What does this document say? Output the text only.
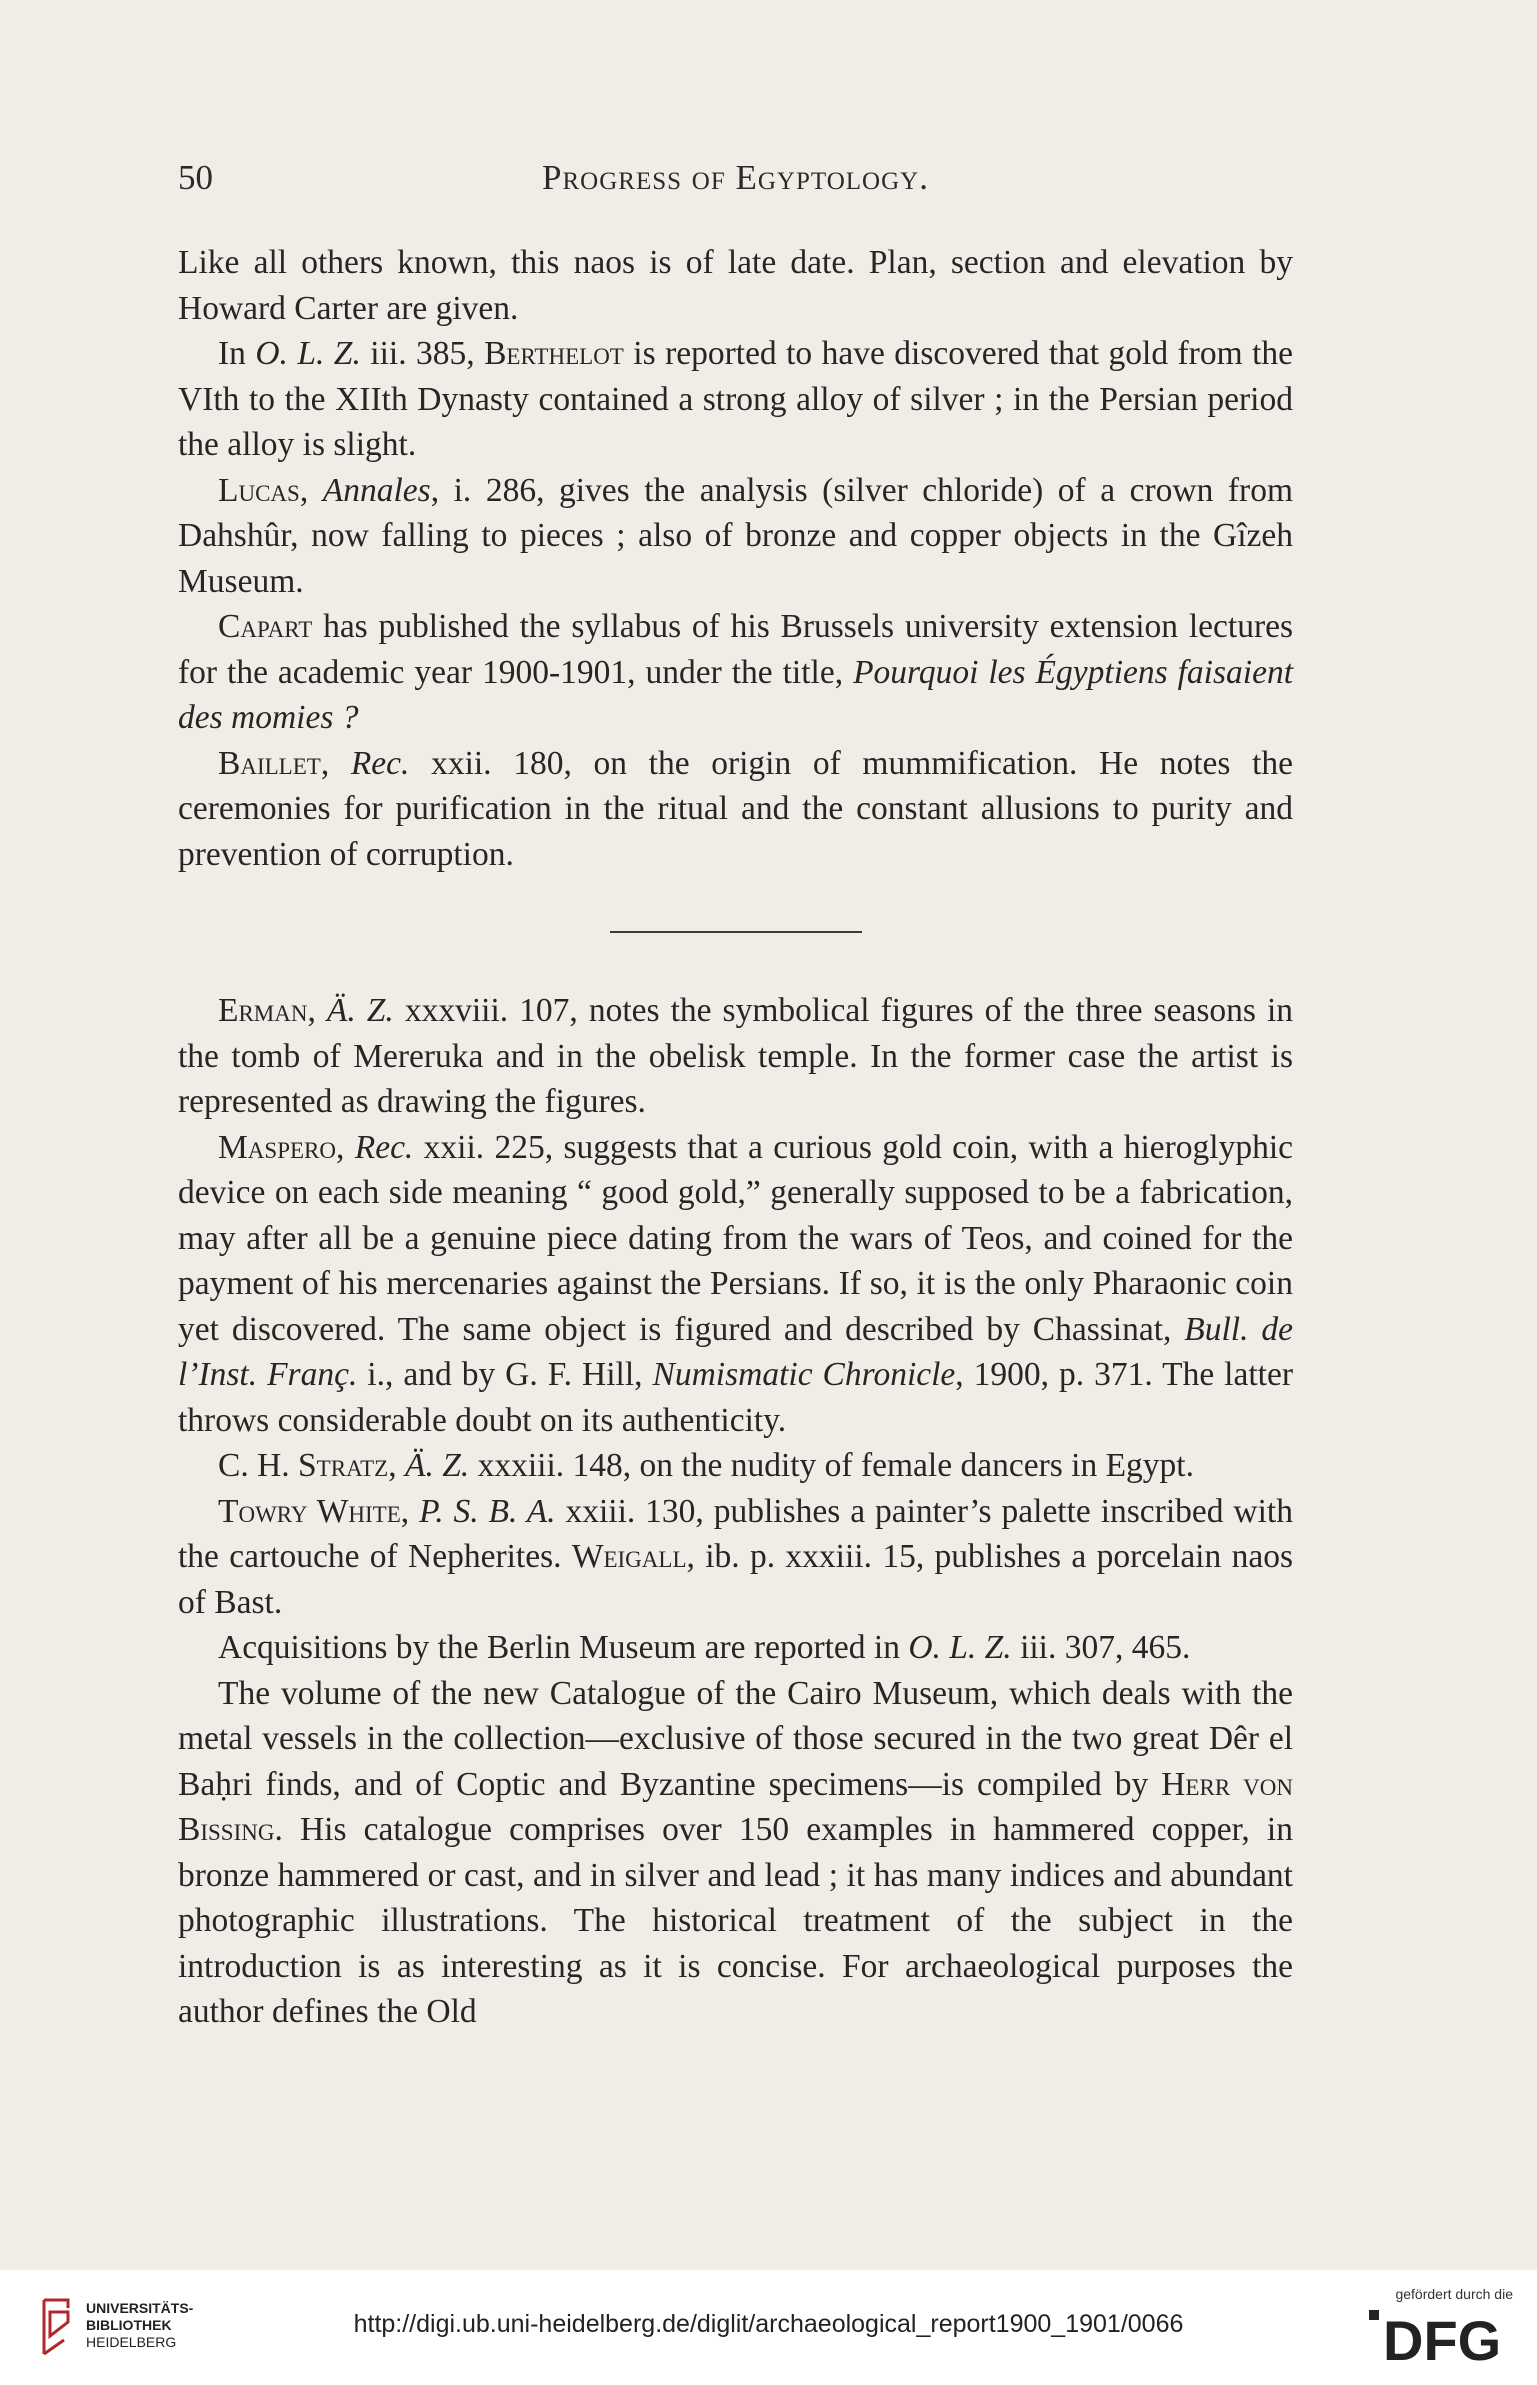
50	Progress of Egyptology.

Like all others known, this naos is of late date. Plan, section and elevation by Howard Carter are given.

In O. L. Z. iii. 385, Berthelot is reported to have discovered that gold from the VIth to the XIIth Dynasty contained a strong alloy of silver ; in the Persian period the alloy is slight.

Lucas, Annales, i. 286, gives the analysis (silver chloride) of a crown from Dahshûr, now falling to pieces ; also of bronze and copper objects in the Gîzeh Museum.

Capart has published the syllabus of his Brussels university extension lectures for the academic year 1900-1901, under the title, Pourquoi les Égyptiens faisaient des momies ?

Baillet, Rec. xxii. 180, on the origin of mummification. He notes the ceremonies for purification in the ritual and the constant allusions to purity and prevention of corruption.

Erman, Ä. Z. xxxviii. 107, notes the symbolical figures of the three seasons in the tomb of Mereruka and in the obelisk temple. In the former case the artist is represented as drawing the figures.

Maspero, Rec. xxii. 225, suggests that a curious gold coin, with a hieroglyphic device on each side meaning “ good gold,” generally supposed to be a fabrication, may after all be a genuine piece dating from the wars of Teos, and coined for the payment of his mercenaries against the Persians. If so, it is the only Pharaonic coin yet discovered. The same object is figured and described by Chassinat, Bull. de l’Inst. Franç. i., and by G. F. Hill, Numismatic Chronicle, 1900, p. 371. The latter throws considerable doubt on its authenticity.

C. H. Stratz, Ä. Z. xxxiii. 148, on the nudity of female dancers in Egypt.

Towry White, P. S. B. A. xxiii. 130, publishes a painter’s palette inscribed with the cartouche of Nepherites. Weigall, ib. p. xxxiii. 15, publishes a porcelain naos of Bast.

Acquisitions by the Berlin Museum are reported in O. L. Z. iii. 307, 465.

The volume of the new Catalogue of the Cairo Museum, which deals with the metal vessels in the collection—exclusive of those secured in the two great Dêr el Baḥri finds, and of Coptic and Byzantine specimens—is compiled by Herr von Bissing. His catalogue comprises over 150 examples in hammered copper, in bronze hammered or cast, and in silver and lead ; it has many indices and abundant photographic illustrations. The historical treatment of the subject in the introduction is as interesting as it is concise. For archaeological purposes the author defines the Old

UNIVERSITÄTS-
BIBLIOTHEK
HEIDELBERG
http://digi.ub.uni-heidelberg.de/diglit/archaeological_report1900_1901/0066
gefördert durch die
DFG
